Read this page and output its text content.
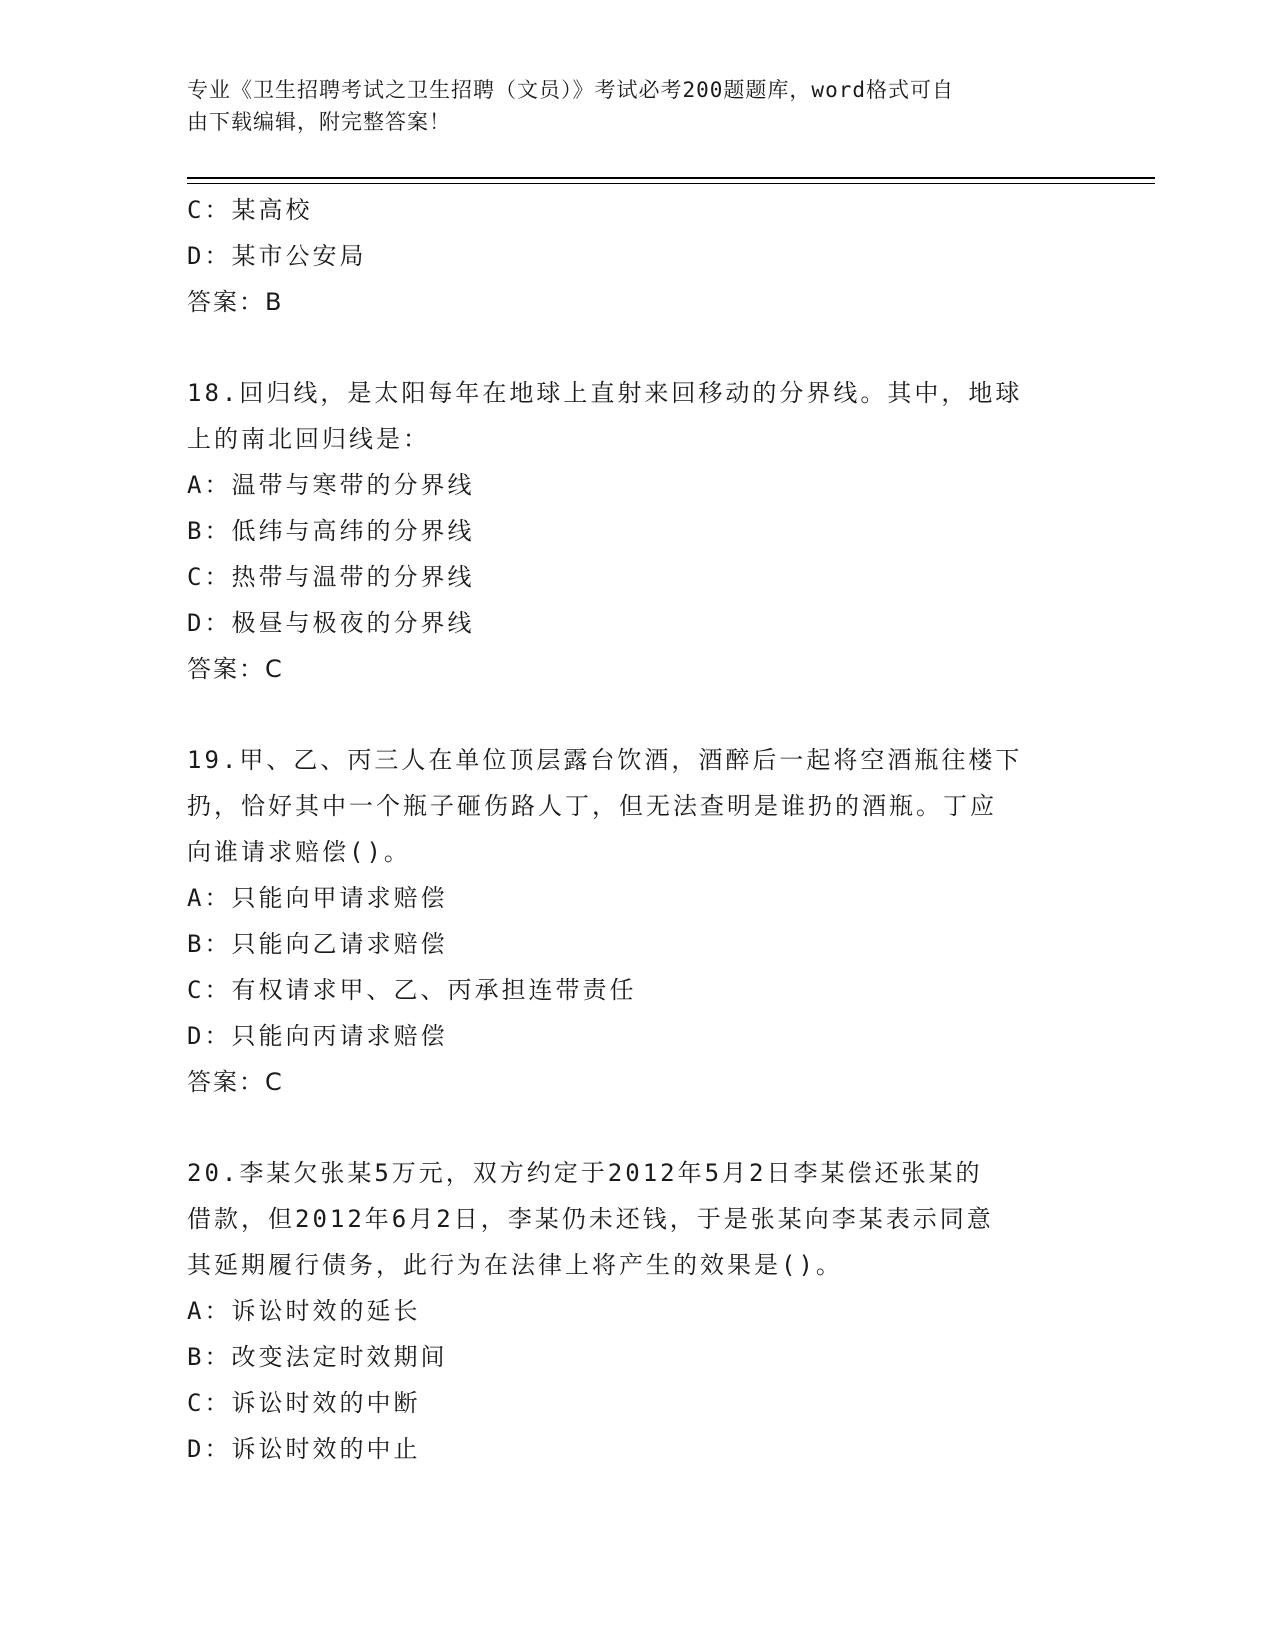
专业《卫生招聘考试之卫生招聘（文员）》考试必考200题题库，word格式可自
由下载编辑，附完整答案！
C：某高校
D：某市公安局
答案：B
18.回归线，是太阳每年在地球上直射来回移动的分界线。其中，地球
上的南北回归线是：
A：温带与寒带的分界线
B：低纬与高纬的分界线
C：热带与温带的分界线
D：极昼与极夜的分界线
答案：C
19.甲、乙、丙三人在单位顶层露台饮酒，酒醉后一起将空酒瓶往楼下
扔，恰好其中一个瓶子砸伤路人丁，但无法查明是谁扔的酒瓶。丁应
向谁请求赔偿()。
A：只能向甲请求赔偿
B：只能向乙请求赔偿
C：有权请求甲、乙、丙承担连带责任
D：只能向丙请求赔偿
答案：C
20.李某欠张某5万元，双方约定于2012年5月2日李某偿还张某的
借款，但2012年6月2日，李某仍未还钱，于是张某向李某表示同意
其延期履行债务，此行为在法律上将产生的效果是()。
A：诉讼时效的延长
B：改变法定时效期间
C：诉讼时效的中断
D：诉讼时效的中止
